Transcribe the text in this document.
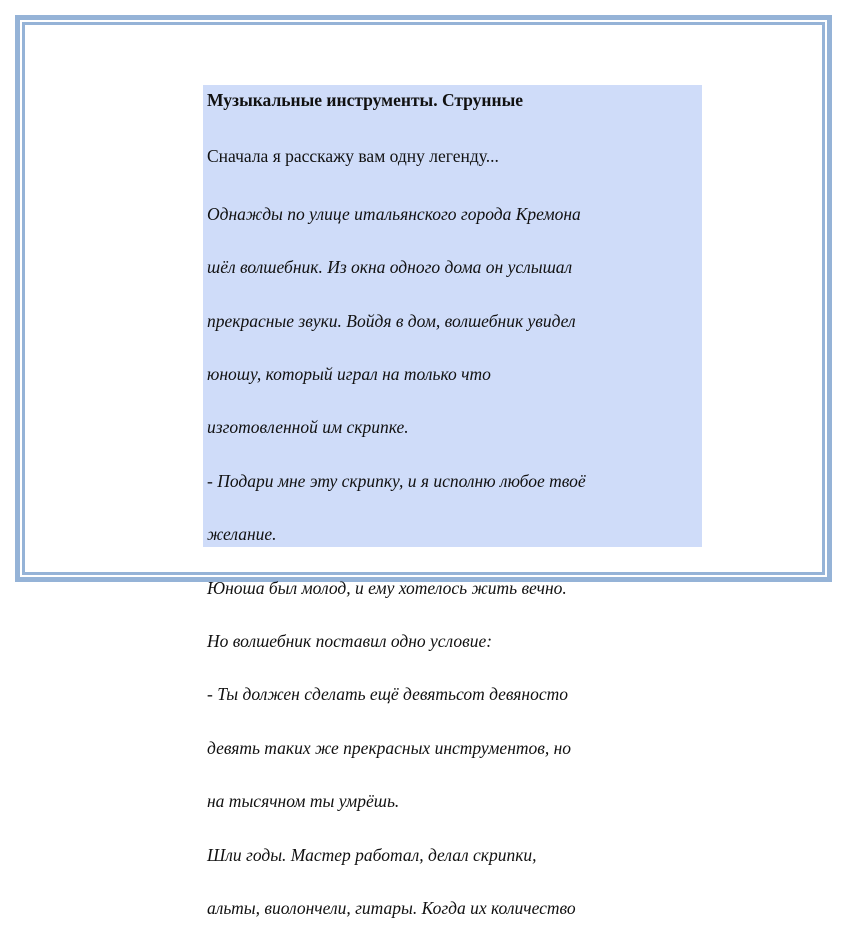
Музыкальные инструменты. Струнные

Сначала я расскажу вам одну легенду...

Однажды по улице итальянского города Кремона

шёл волшебник. Из окна одного дома он услышал

прекрасные звуки. Войдя в дом, волшебник увидел

юношу, который играл на только что

изготовленной им скрипке.

- Подари мне эту скрипку, и я исполню любое твоё

желание.

Юноша был молод, и ему хотелось жить вечно.

Но волшебник поставил одно условие:

- Ты должен сделать ещё девятьсот девяносто

девять таких же прекрасных инструментов, но

на тысячном ты умрёшь.

Шли годы. Мастер работал, делал скрипки,

альты, виолончели, гитары. Когда их количество
